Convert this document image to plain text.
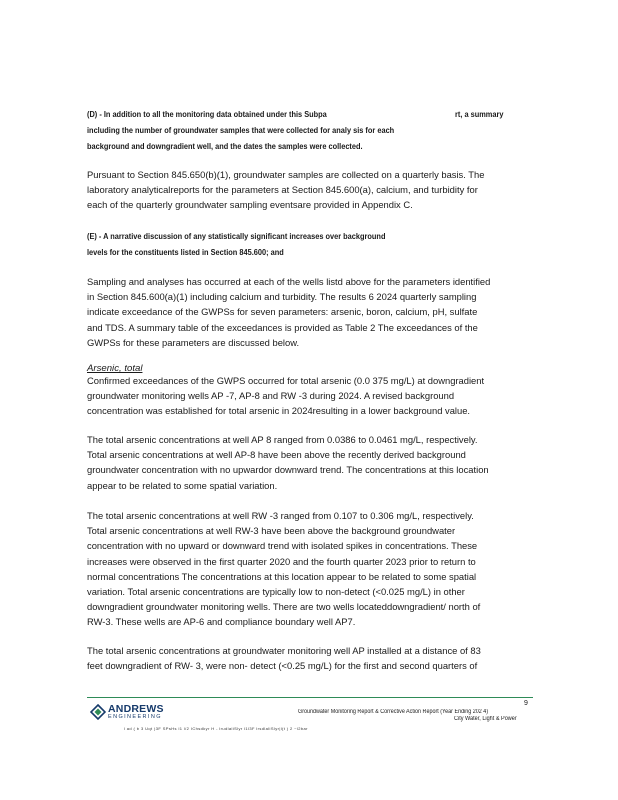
(D) - In addition to all the monitoring data obtained under this Subpa
including the number of groundwater samples that were collected for analy sis for each
background and downgradient well, and the dates the samples were collected.
rt, a summary
Pursuant to Section 845.650(b)(1), groundwater samples are collected on a quarterly basis. The
laboratory analyticalreports for the parameters at Section 845.600(a), calcium, and turbidity for
each of the quarterly groundwater sampling eventsare provided in Appendix C.
(E) - A narrative discussion of any statistically significant increases over background
levels for the constituents listed in Section 845.600; and
Sampling and analyses has occurred at each of the wells listd above for the parameters identified
in Section 845.600(a)(1) including calcium and turbidity. The results 6 2024 quarterly sampling
indicate exceedance of the GWPSs for seven parameters: arsenic, boron, calcium, pH, sulfate
and TDS. A summary table of the exceedances is provided as Table 2 The exceedances of the
GWPSs for these parameters are discussed below.
Arsenic, total
Confirmed exceedances of the GWPS occurred for total arsenic (0.0 375 mg/L) at downgradient
groundwater monitoring wells AP -7, AP-8 and RW -3 during 2024. A revised background
concentration was established for total arsenic in 2024resulting in a lower background value.
The total arsenic concentrations at well AP 8 ranged from 0.0386 to 0.0461 mg/L, respectively.
Total arsenic concentrations at well AP-8 have been above the recently derived background
groundwater concentration with no upwardor downward trend. The concentrations at this location
appear to be related to some spatial variation.
The total arsenic concentrations at well RW -3 ranged from 0.107 to 0.306 mg/L, respectively.
Total arsenic concentrations at well RW-3 have been above the background groundwater
concentration with no upward or downward trend with isolated spikes in concentrations. These
increases were observed in the first quarter 2020 and the fourth quarter 2023 prior to return to
normal concentrations The concentrations at this location appear to be related to some spatial
variation. Total arsenic concentrations are typically low to non-detect (<0.025 mg/L) in other
downgradient groundwater monitoring wells. There are two wells locateddowngradient/ north of
RW-3. These wells are AP-6 and compliance boundary well AP7.
The total arsenic concentrations at groundwater monitoring well AP installed at a distance of 83
feet downgradient of RW- 3, were non- detect (<0.25 mg/L) for the first and second quarters of
ANDREWS
ENGINEERING
9
Groundwater Monitoring Report & Corrective Action Report (Year Ending 202 4)
City Water, Light & Power
l ad ( b 3 Uqt )3F SPsHs l1 l/2 IChsdkyr H - lrudlaliSlyr l1l3F lrsdlaliSlyr|l(t ) 2 ~l2bar
